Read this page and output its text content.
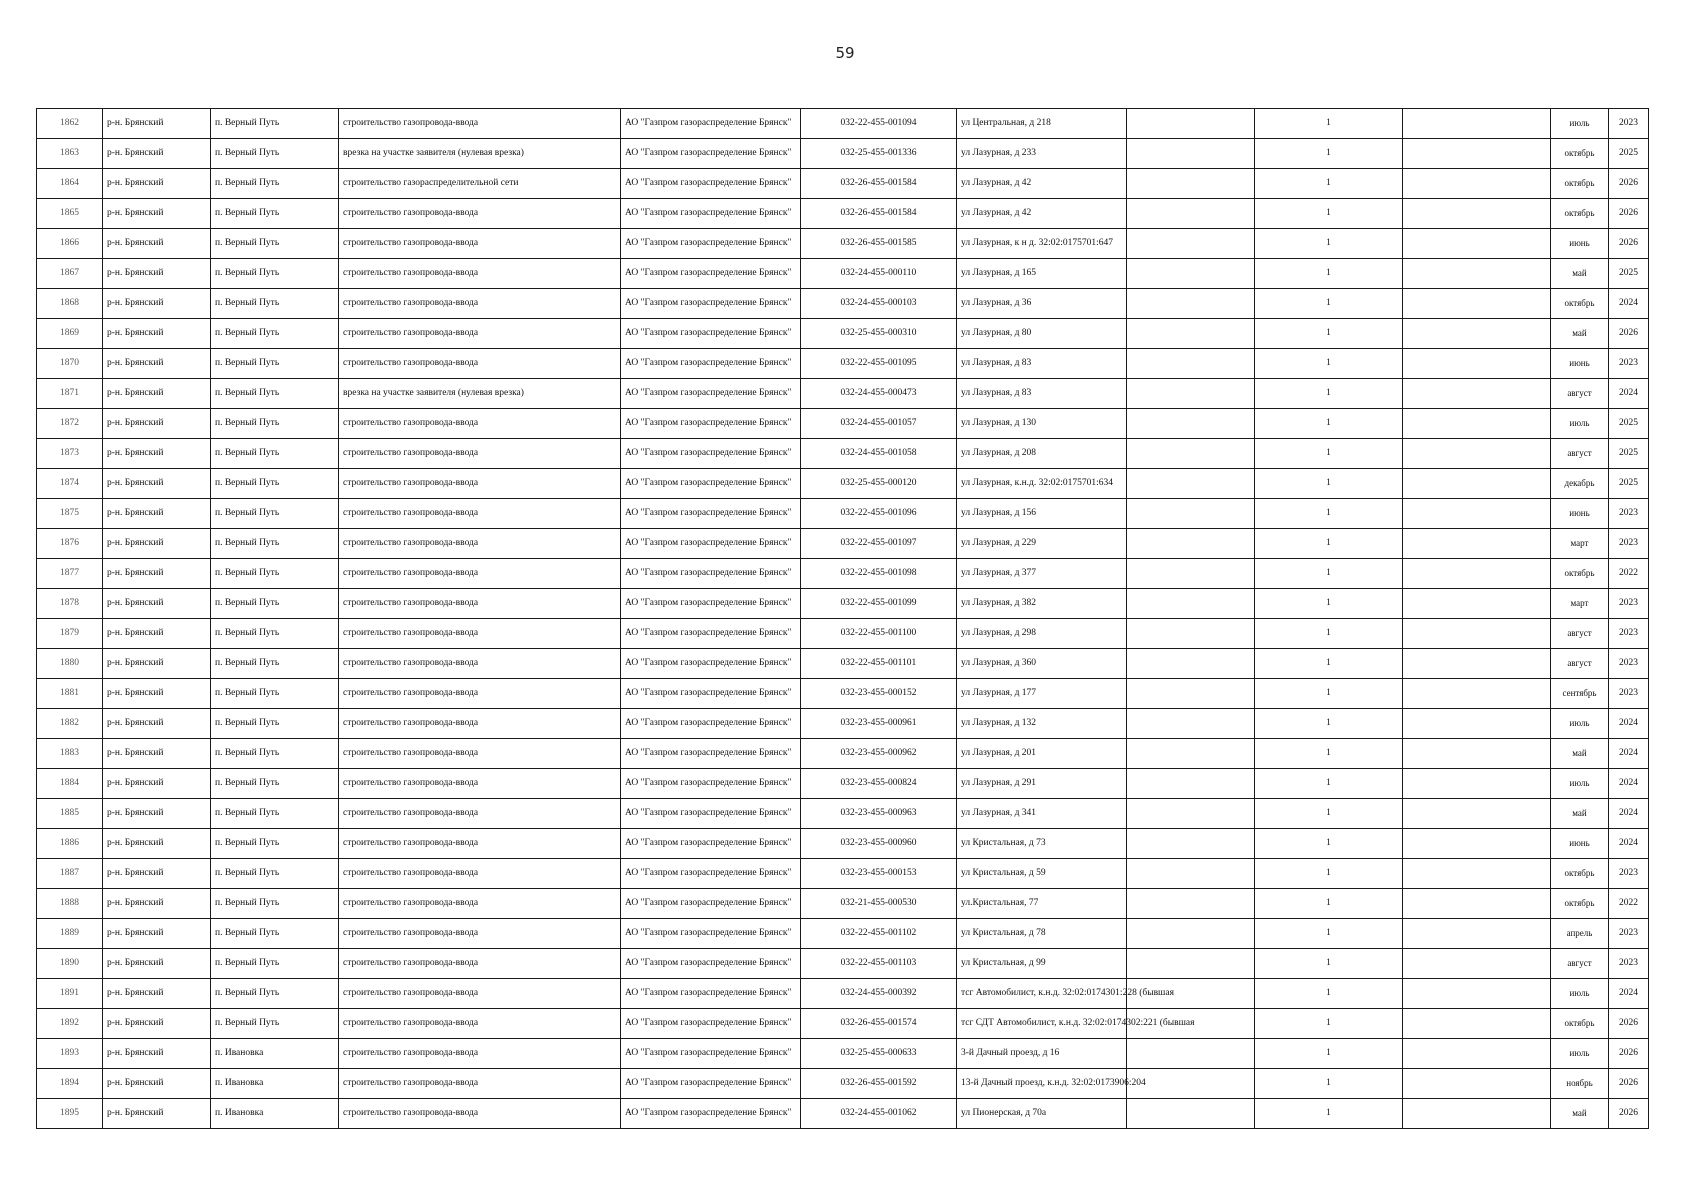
59
1862	р-н. Брянский	п. Верный Путь	строительство газопровода-ввода	АО "Газпром газораспределение Брянск"	032-22-455-001094	ул Центральная, д 218		1		июль	2023
1863	р-н. Брянский	п. Верный Путь	врезка на участке заявителя (нулевая врезка)	АО "Газпром газораспределение Брянск"	032-25-455-001336	ул Лазурная, д 233		1		октябрь	2025
1864	р-н. Брянский	п. Верный Путь	строительство газораспределительной сети	АО "Газпром газораспределение Брянск"	032-26-455-001584	ул Лазурная, д 42		1		октябрь	2026
1865	р-н. Брянский	п. Верный Путь	строительство газопровода-ввода	АО "Газпром газораспределение Брянск"	032-26-455-001584	ул Лазурная, д 42		1		октябрь	2026
1866	р-н. Брянский	п. Верный Путь	строительство газопровода-ввода	АО "Газпром газораспределение Брянск"	032-26-455-001585	ул Лазурная, к н д. 32:02:0175701:647		1		июнь	2026
1867	р-н. Брянский	п. Верный Путь	строительство газопровода-ввода	АО "Газпром газораспределение Брянск"	032-24-455-000110	ул Лазурная, д 165		1		май	2025
1868	р-н. Брянский	п. Верный Путь	строительство газопровода-ввода	АО "Газпром газораспределение Брянск"	032-24-455-000103	ул Лазурная, д 36		1		октябрь	2024
1869	р-н. Брянский	п. Верный Путь	строительство газопровода-ввода	АО "Газпром газораспределение Брянск"	032-25-455-000310	ул Лазурная, д 80		1		май	2026
1870	р-н. Брянский	п. Верный Путь	строительство газопровода-ввода	АО "Газпром газораспределение Брянск"	032-22-455-001095	ул Лазурная, д 83		1		июнь	2023
1871	р-н. Брянский	п. Верный Путь	врезка на участке заявителя (нулевая врезка)	АО "Газпром газораспределение Брянск"	032-24-455-000473	ул Лазурная, д 83		1		август	2024
1872	р-н. Брянский	п. Верный Путь	строительство газопровода-ввода	АО "Газпром газораспределение Брянск"	032-24-455-001057	ул Лазурная, д 130		1		июль	2025
1873	р-н. Брянский	п. Верный Путь	строительство газопровода-ввода	АО "Газпром газораспределение Брянск"	032-24-455-001058	ул Лазурная, д 208		1		август	2025
1874	р-н. Брянский	п. Верный Путь	строительство газопровода-ввода	АО "Газпром газораспределение Брянск"	032-25-455-000120	ул Лазурная, к.н.д. 32:02:0175701:634		1		декабрь	2025
1875	р-н. Брянский	п. Верный Путь	строительство газопровода-ввода	АО "Газпром газораспределение Брянск"	032-22-455-001096	ул Лазурная, д 156		1		июнь	2023
1876	р-н. Брянский	п. Верный Путь	строительство газопровода-ввода	АО "Газпром газораспределение Брянск"	032-22-455-001097	ул Лазурная, д 229		1		март	2023
1877	р-н. Брянский	п. Верный Путь	строительство газопровода-ввода	АО "Газпром газораспределение Брянск"	032-22-455-001098	ул Лазурная, д 377		1		октябрь	2022
1878	р-н. Брянский	п. Верный Путь	строительство газопровода-ввода	АО "Газпром газораспределение Брянск"	032-22-455-001099	ул Лазурная, д 382		1		март	2023
1879	р-н. Брянский	п. Верный Путь	строительство газопровода-ввода	АО "Газпром газораспределение Брянск"	032-22-455-001100	ул Лазурная, д 298		1		август	2023
1880	р-н. Брянский	п. Верный Путь	строительство газопровода-ввода	АО "Газпром газораспределение Брянск"	032-22-455-001101	ул Лазурная, д 360		1		август	2023
1881	р-н. Брянский	п. Верный Путь	строительство газопровода-ввода	АО "Газпром газораспределение Брянск"	032-23-455-000152	ул Лазурная, д 177		1		сентябрь	2023
1882	р-н. Брянский	п. Верный Путь	строительство газопровода-ввода	АО "Газпром газораспределение Брянск"	032-23-455-000961	ул Лазурная, д 132		1		июль	2024
1883	р-н. Брянский	п. Верный Путь	строительство газопровода-ввода	АО "Газпром газораспределение Брянск"	032-23-455-000962	ул Лазурная, д 201		1		май	2024
1884	р-н. Брянский	п. Верный Путь	строительство газопровода-ввода	АО "Газпром газораспределение Брянск"	032-23-455-000824	ул Лазурная, д 291		1		июль	2024
1885	р-н. Брянский	п. Верный Путь	строительство газопровода-ввода	АО "Газпром газораспределение Брянск"	032-23-455-000963	ул Лазурная, д 341		1		май	2024
1886	р-н. Брянский	п. Верный Путь	строительство газопровода-ввода	АО "Газпром газораспределение Брянск"	032-23-455-000960	ул Кристальная, д 73		1		июнь	2024
1887	р-н. Брянский	п. Верный Путь	строительство газопровода-ввода	АО "Газпром газораспределение Брянск"	032-23-455-000153	ул Кристальная, д 59		1		октябрь	2023
1888	р-н. Брянский	п. Верный Путь	строительство газопровода-ввода	АО "Газпром газораспределение Брянск"	032-21-455-000530	ул.Кристальная, 77		1		октябрь	2022
1889	р-н. Брянский	п. Верный Путь	строительство газопровода-ввода	АО "Газпром газораспределение Брянск"	032-22-455-001102	ул Кристальная, д 78		1		апрель	2023
1890	р-н. Брянский	п. Верный Путь	строительство газопровода-ввода	АО "Газпром газораспределение Брянск"	032-22-455-001103	ул Кристальная, д 99		1		август	2023
1891	р-н. Брянский	п. Верный Путь	строительство газопровода-ввода	АО "Газпром газораспределение Брянск"	032-24-455-000392	тсг Автомобилист, к.н.д. 32:02:0174301:228 (бывшая		1		июль	2024
1892	р-н. Брянский	п. Верный Путь	строительство газопровода-ввода	АО "Газпром газораспределение Брянск"	032-26-455-001574	тсг СДТ Автомобилист, к.н.д. 32:02:0174302:221 (бывшая		1		октябрь	2026
1893	р-н. Брянский	п. Ивановка	строительство газопровода-ввода	АО "Газпром газораспределение Брянск"	032-25-455-000633	3-й Дачный проезд, д 16		1		июль	2026
1894	р-н. Брянский	п. Ивановка	строительство газопровода-ввода	АО "Газпром газораспределение Брянск"	032-26-455-001592	13-й Дачный проезд, к.н.д. 32:02:0173906:204		1		ноябрь	2026
1895	р-н. Брянский	п. Ивановка	строительство газопровода-ввода	АО "Газпром газораспределение Брянск"	032-24-455-001062	ул Пионерская, д 70а		1		май	2026
